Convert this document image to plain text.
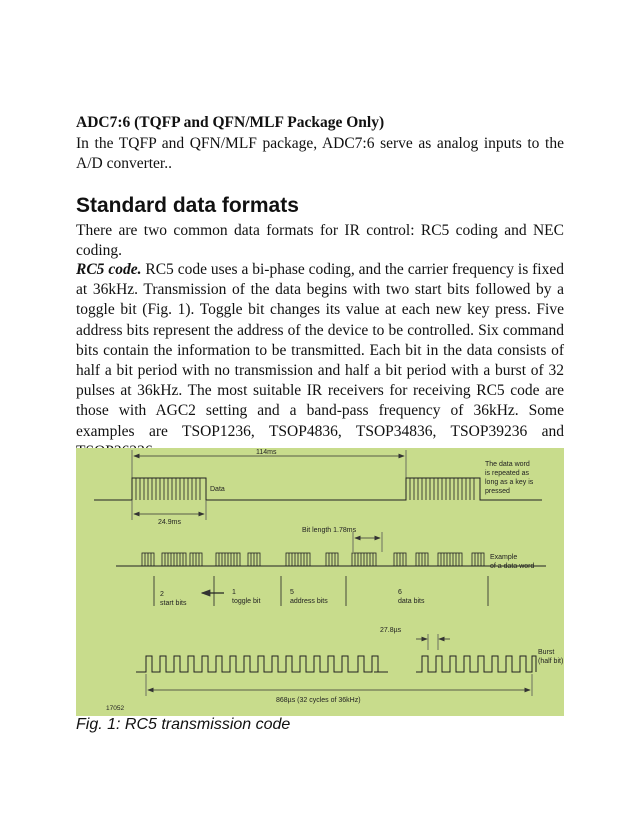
ADC7:6 (TQFP and QFN/MLF Package Only)

In the TQFP and QFN/MLF package, ADC7:6 serve as analog inputs to the A/D converter..

Standard data formats

There are two common data formats for IR control: RC5 coding and NEC coding.

RC5 code. RC5 code uses a bi-phase coding, and the carrier frequency is fixed at 36kHz. Transmission of the data begins with two start bits followed by a toggle bit (Fig. 1). Toggle bit changes its value at each new key press. Five address bits represent the address of the device to be controlled. Six command bits contain the information to be transmitted. Each bit in the data consists of half a bit period with no transmission and half a bit period with a burst of 32 pulses at 36kHz. The most suitable IR receivers for receiving RC5 code are those with AGC2 setting and a band-pass frequency of 36kHz. Some examples are TSOP1236, TSOP4836, TSOP34836, TSOP39236 and

114ms
The data word
is repeated as
long as a key is
pressed
Data
24.9ms
Bit length 1.78ms
Example
of a data word
2
start bits
1
toggle bit
5
address bits
6
data bits
27.8µs
Burst
(half bit)
868µs (32 cycles of 36kHz)
17052

Fig. 1: RC5 transmission code
